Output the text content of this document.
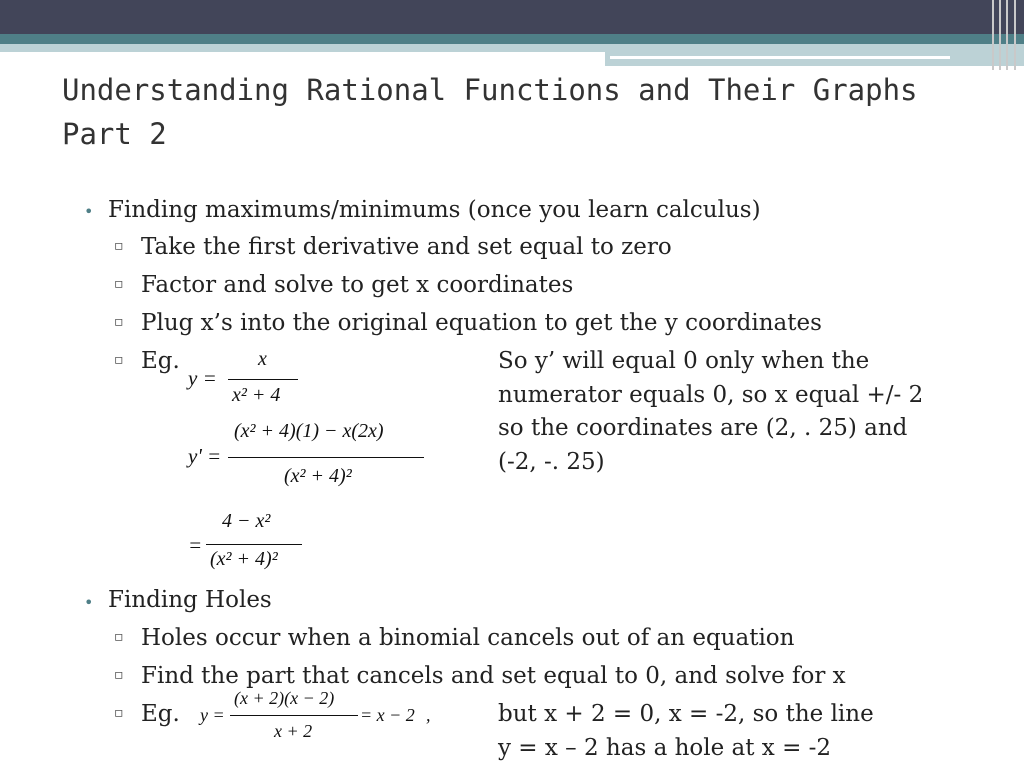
Understanding Rational Functions and Their Graphs
Part 2
• Finding maximums/minimums (once you learn calculus)
▫ Take the first derivative and set equal to zero
▫ Factor and solve to get x coordinates
▫ Plug x’s into the original equation to get the y coordinates
▫ Eg.	So y’ will equal 0 only when the
numerator equals 0, so x equal +/- 2
so the coordinates are (2, . 25) and
(-2, -. 25)
y =
x
x² + 4
y' =
(x² + 4)(1) − x(2x)
(x² + 4)²
=
4 − x²
(x² + 4)²
• Finding Holes
▫ Holes occur when a binomial cancels out of an equation
▫ Find the part that cancels and set equal to 0, and solve for x
▫ Eg. y =
(x + 2)(x − 2)
x + 2
= x − 2 ,	but x + 2 = 0, x = -2, so the line
y = x – 2 has a hole at x = -2
